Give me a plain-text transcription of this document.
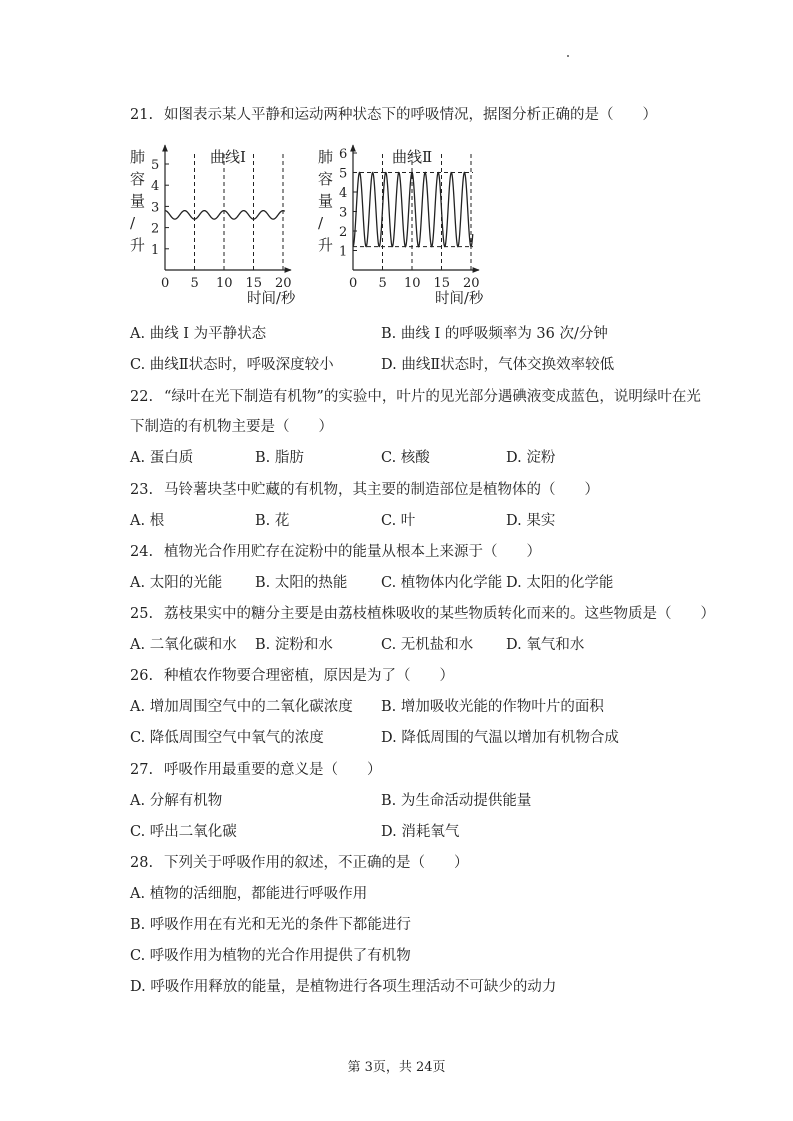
21. 如图表示某人平静和运动两种状态下的呼吸情况，据图分析正确的是（　　）
肺
容
量
/
升
曲线Ⅰ
1
2
3
4
5
0 5 10 15 20
时间/秒
肺
容
量
/
升
曲线Ⅱ
1
2
3
4
5
6
0 5 10 15 20
时间/秒
A. 曲线 I 为平静状态	B. 曲线 I 的呼吸频率为 36 次/分钟
C. 曲线Ⅱ状态时，呼吸深度较小	D. 曲线Ⅱ状态时，气体交换效率较低
22. “绿叶在光下制造有机物”的实验中，叶片的见光部分遇碘液变成蓝色，说明绿叶在光
下制造的有机物主要是（　　）
A. 蛋白质	B. 脂肪	C. 核酸	D. 淀粉
23. 马铃薯块茎中贮藏的有机物，其主要的制造部位是植物体的（　　）
A. 根	B. 花	C. 叶	D. 果实
24. 植物光合作用贮存在淀粉中的能量从根本上来源于（　　）
A. 太阳的光能 B. 太阳的热能 C. 植物体内化学能 D. 太阳的化学能
25. 荔枝果实中的糖分主要是由荔枝植株吸收的某些物质转化而来的。这些物质是（　　）
A. 二氧化碳和水 B. 淀粉和水	C. 无机盐和水 D. 氧气和水
26. 种植农作物要合理密植，原因是为了（　　）
A. 增加周围空气中的二氧化碳浓度 B. 增加吸收光能的作物叶片的面积
C. 降低周围空气中氧气的浓度	D. 降低周围的气温以增加有机物合成
27. 呼吸作用最重要的意义是（　　）
A. 分解有机物	B. 为生命活动提供能量
C. 呼出二氧化碳	D. 消耗氧气
28. 下列关于呼吸作用的叙述，不正确的是（　　）
A. 植物的活细胞，都能进行呼吸作用
B. 呼吸作用在有光和无光的条件下都能进行
C. 呼吸作用为植物的光合作用提供了有机物
D. 呼吸作用释放的能量，是植物进行各项生理活动不可缺少的动力
第 3页，共 24页
